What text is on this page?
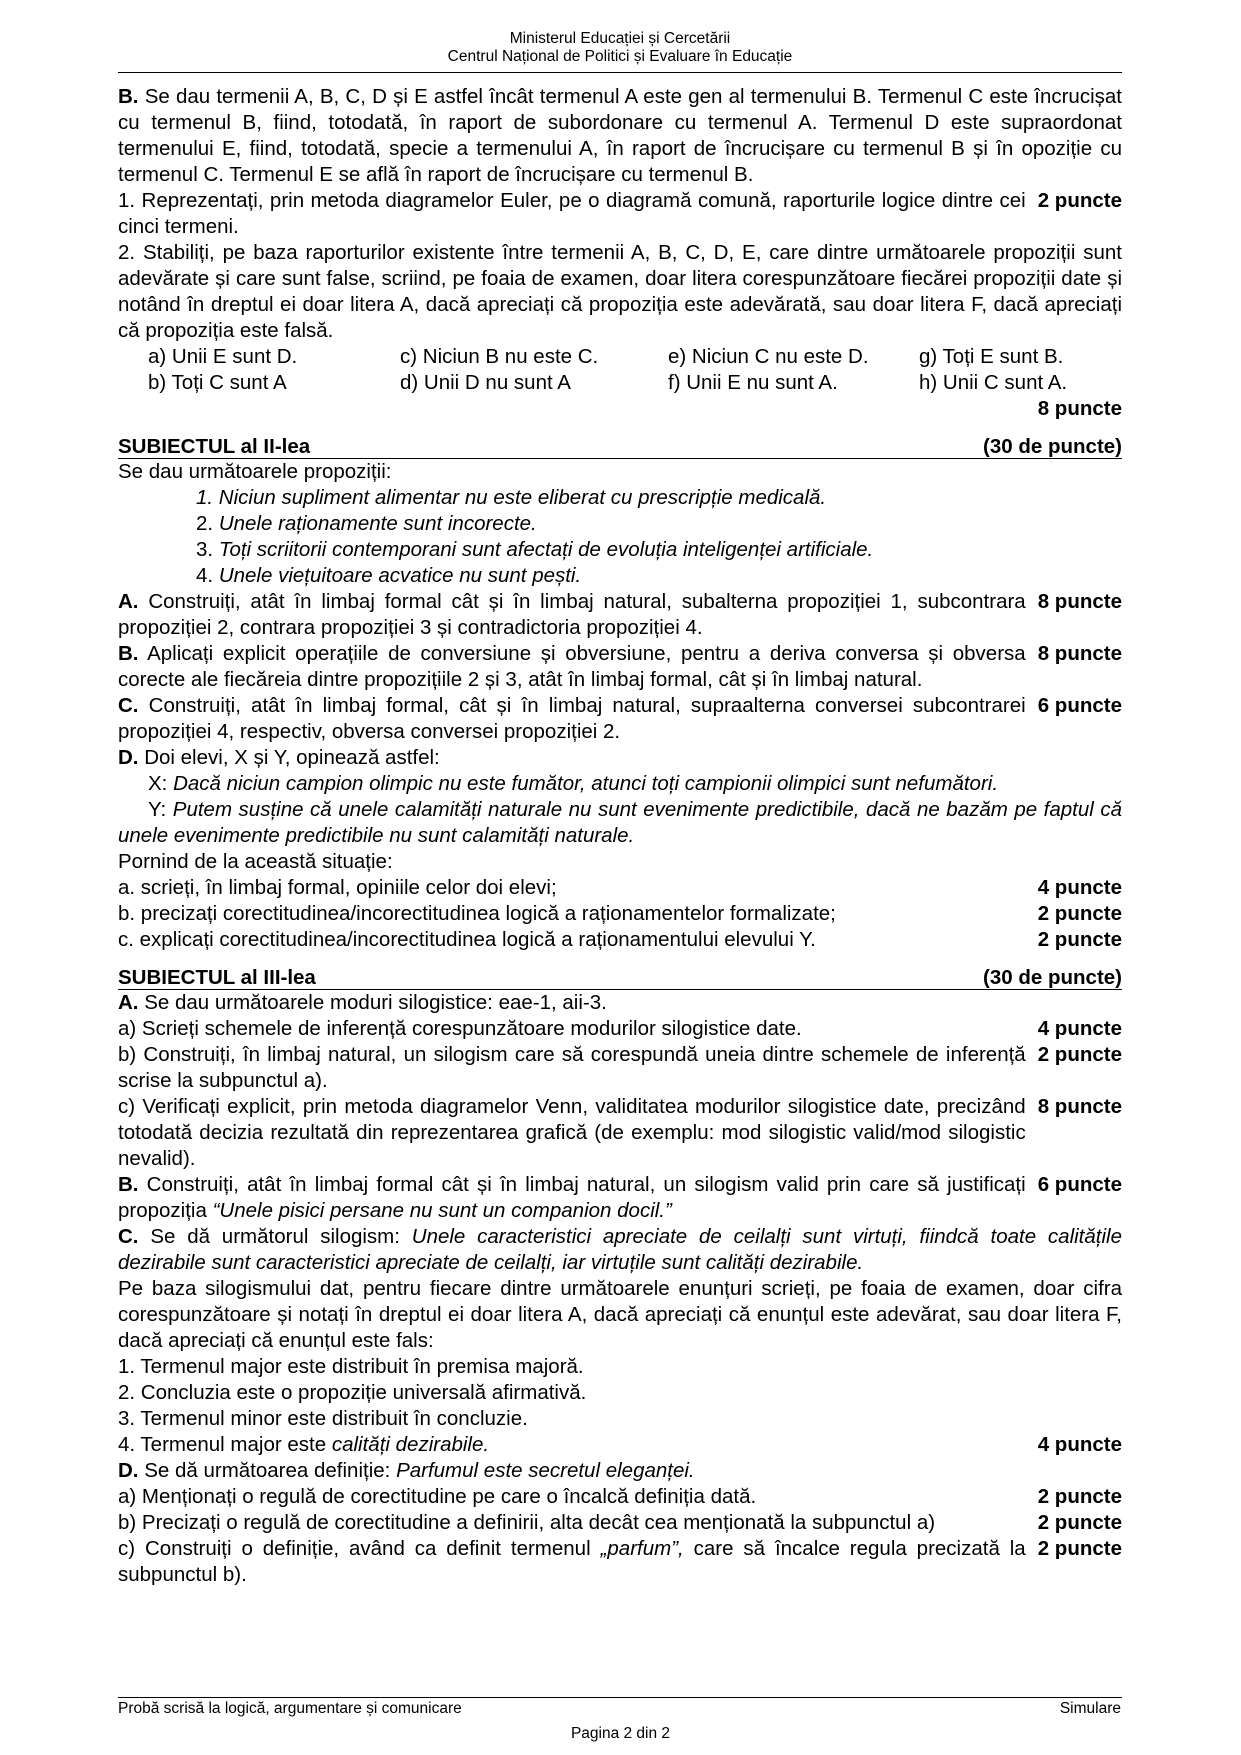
Ministerul Educației și Cercetării
Centrul Național de Politici și Evaluare în Educație

B. Se dau termenii A, B, C, D și E astfel încât termenul A este gen al termenului B. Termenul C este încrucișat cu termenul B, fiind, totodată, în raport de subordonare cu termenul A. Termenul D este supraordonat termenului E, fiind, totodată, specie a termenului A, în raport de încrucișare cu termenul B și în opoziție cu termenul C. Termenul E se află în raport de încrucișare cu termenul B.

1. Reprezentați, prin metoda diagramelor Euler, pe o diagramă comună, raporturile logice dintre cei cinci termeni.
2 puncte

2. Stabiliți, pe baza raporturilor existente între termenii A, B, C, D, E, care dintre următoarele propoziții sunt adevărate și care sunt false, scriind, pe foaia de examen, doar litera corespunzătoare fiecărei propoziții date și notând în dreptul ei doar litera A, dacă apreciați că propoziția este adevărată, sau doar litera F, dacă apreciați că propoziția este falsă.

a) Unii E sunt D.	c) Niciun B nu este C.	e) Niciun C nu este D.	g) Toți E sunt B.
b) Toți C sunt A	d) Unii D nu sunt A	f) Unii E nu sunt A.	h) Unii C sunt A.

8 puncte

SUBIECTUL al II-lea	(30 de puncte)

Se dau următoarele propoziții:

1. Niciun supliment alimentar nu este eliberat cu prescripție medicală.

2. Unele raționamente sunt incorecte.

3. Toți scriitorii contemporani sunt afectați de evoluția inteligenței artificiale.

4. Unele viețuitoare acvatice nu sunt pești.

A. Construiți, atât în limbaj formal cât și în limbaj natural, subalterna propoziției 1, subcontrara propoziției 2, contrara propoziției 3 și contradictoria propoziției 4.
8 puncte
B. Aplicați explicit operațiile de conversiune și obversiune, pentru a deriva conversa și obversa corecte ale fiecăreia dintre propozițiile 2 și 3, atât în limbaj formal, cât și în limbaj natural.
8 puncte
C. Construiți, atât în limbaj formal, cât și în limbaj natural, supraalterna conversei subcontrarei propoziției 4, respectiv, obversa conversei propoziției 2.
6 puncte

D. Doi elevi, X și Y, opinează astfel:

X: Dacă niciun campion olimpic nu este fumător, atunci toți campionii olimpici sunt nefumători.

Y: Putem susține că unele calamități naturale nu sunt evenimente predictibile, dacă ne bazăm pe faptul că unele evenimente predictibile nu sunt calamități naturale.

Pornind de la această situație:

a. scrieți, în limbaj formal, opiniile celor doi elevi;	4 puncte
b. precizați corectitudinea/incorectitudinea logică a raționamentelor formalizate;	2 puncte
c. explicați corectitudinea/incorectitudinea logică a raționamentului elevului Y.	2 puncte
SUBIECTUL al III-lea	(30 de puncte)

A. Se dau următoarele moduri silogistice: eae-1, aii-3.

a) Scrieți schemele de inferență corespunzătoare modurilor silogistice date.	4 puncte
b) Construiți, în limbaj natural, un silogism care să corespundă uneia dintre schemele de inferență scrise la subpunctul a).
2 puncte
c) Verificați explicit, prin metoda diagramelor Venn, validitatea modurilor silogistice date, precizând totodată decizia rezultată din reprezentarea grafică (de exemplu: mod silogistic valid/mod silogistic nevalid).
8 puncte
B. Construiți, atât în limbaj formal cât și în limbaj natural, un silogism valid prin care să justificați propoziția “Unele pisici persane nu sunt un companion docil.”
6 puncte

C. Se dă următorul silogism: Unele caracteristici apreciate de ceilalți sunt virtuți, fiindcă toate calitățile dezirabile sunt caracteristici apreciate de ceilalți, iar virtuțile sunt calități dezirabile.

Pe baza silogismului dat, pentru fiecare dintre următoarele enunțuri scrieți, pe foaia de examen, doar cifra corespunzătoare și notați în dreptul ei doar litera A, dacă apreciați că enunțul este adevărat, sau doar litera F, dacă apreciați că enunțul este fals:

1. Termenul major este distribuit în premisa majoră.

2. Concluzia este o propoziție universală afirmativă.

3. Termenul minor este distribuit în concluzie.

4. Termenul major este calități dezirabile.	4 puncte

D. Se dă următoarea definiție: Parfumul este secretul eleganței.

a) Menționați o regulă de corectitudine pe care o încalcă definiția dată.	2 puncte
b) Precizați o regulă de corectitudine a definirii, alta decât cea menționată la subpunctul a)	2 puncte
c) Construiți o definiție, având ca definit termenul „parfum”, care să încalce regula precizată la subpunctul b).
2 puncte
Probă scrisă la logică, argumentare și comunicare	Simulare
Pagina 2 din 2
